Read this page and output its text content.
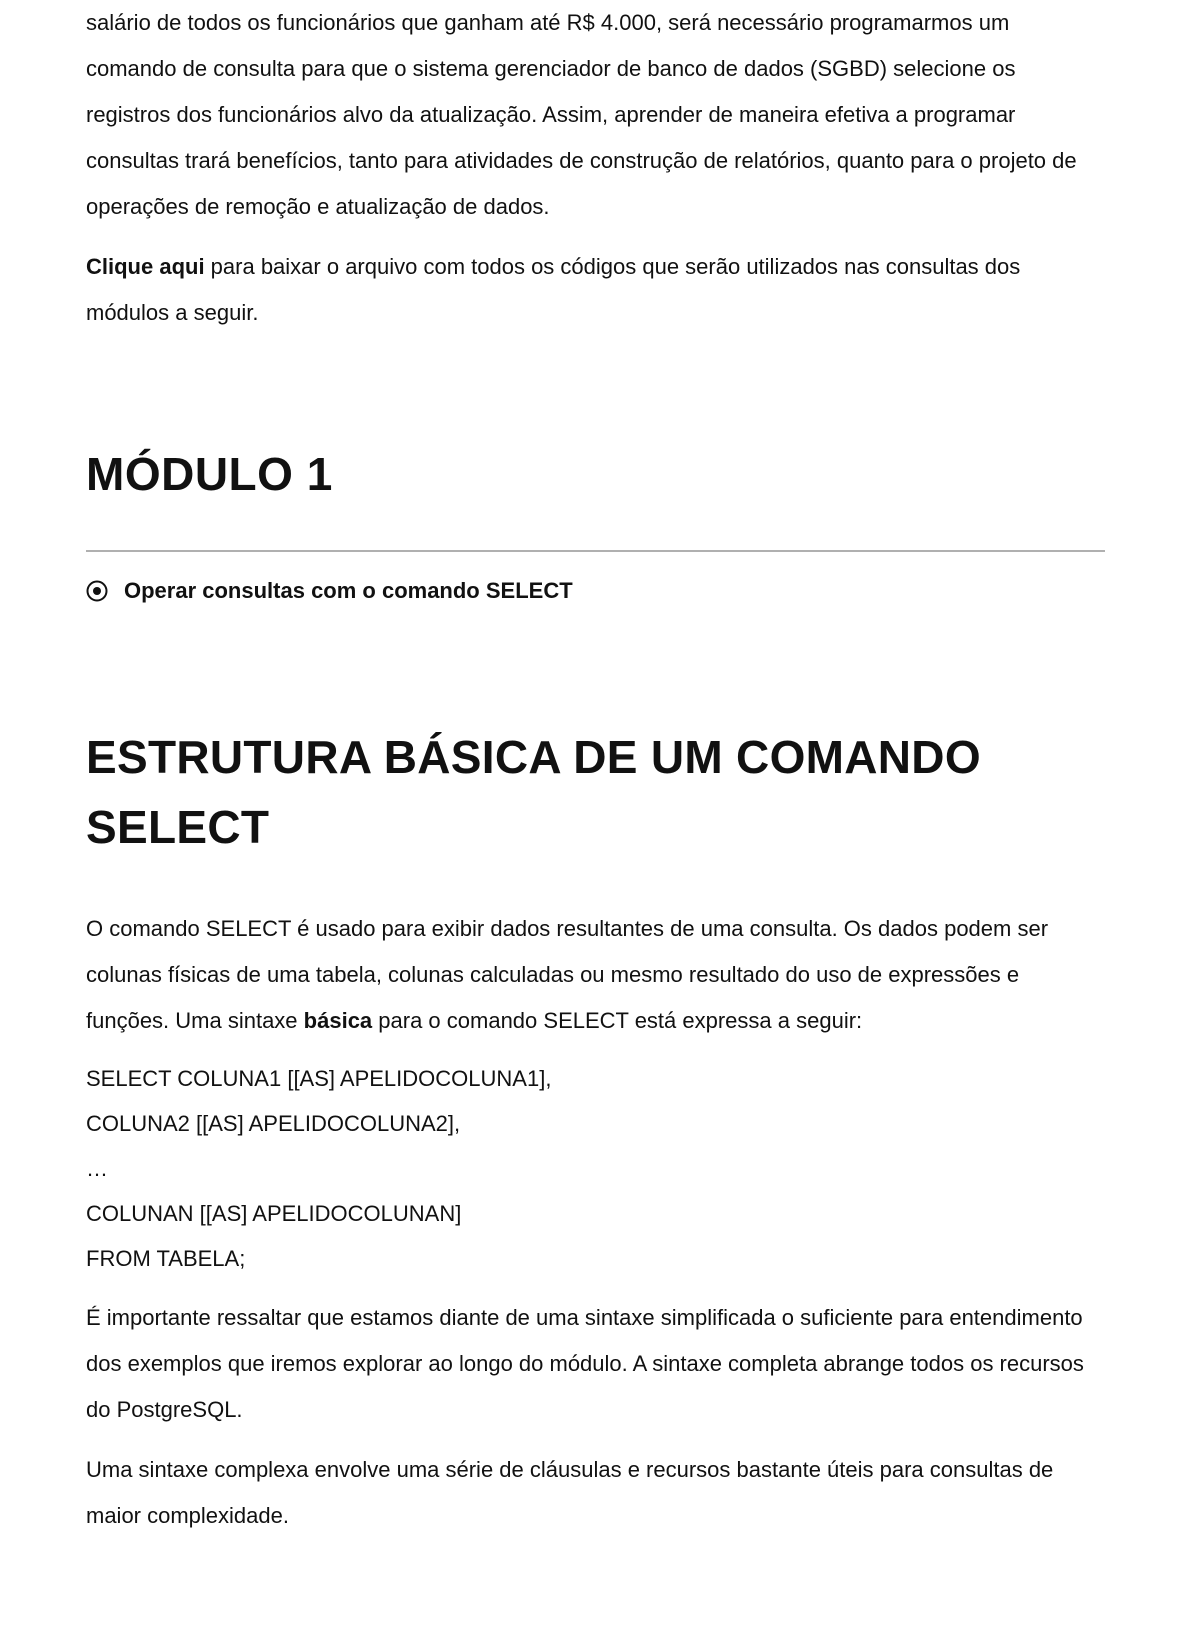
salário de todos os funcionários que ganham até R$ 4.000, será necessário programarmos um comando de consulta para que o sistema gerenciador de banco de dados (SGBD) selecione os registros dos funcionários alvo da atualização. Assim, aprender de maneira efetiva a programar consultas trará benefícios, tanto para atividades de construção de relatórios, quanto para o projeto de operações de remoção e atualização de dados.

Clique aqui para baixar o arquivo com todos os códigos que serão utilizados nas consultas dos módulos a seguir.

MÓDULO 1
Operar consultas com o comando SELECT
ESTRUTURA BÁSICA DE UM COMANDO SELECT

O comando SELECT é usado para exibir dados resultantes de uma consulta. Os dados podem ser colunas físicas de uma tabela, colunas calculadas ou mesmo resultado do uso de expressões e funções. Uma sintaxe básica para o comando SELECT está expressa a seguir:

SELECT COLUNA1 [[AS] APELIDOCOLUNA1],

COLUNA2 [[AS] APELIDOCOLUNA2],

…

COLUNAN [[AS] APELIDOCOLUNAN]

FROM TABELA;

É importante ressaltar que estamos diante de uma sintaxe simplificada o suficiente para entendimento dos exemplos que iremos explorar ao longo do módulo. A sintaxe completa abrange todos os recursos do PostgreSQL.

Uma sintaxe complexa envolve uma série de cláusulas e recursos bastante úteis para consultas de maior complexidade.
